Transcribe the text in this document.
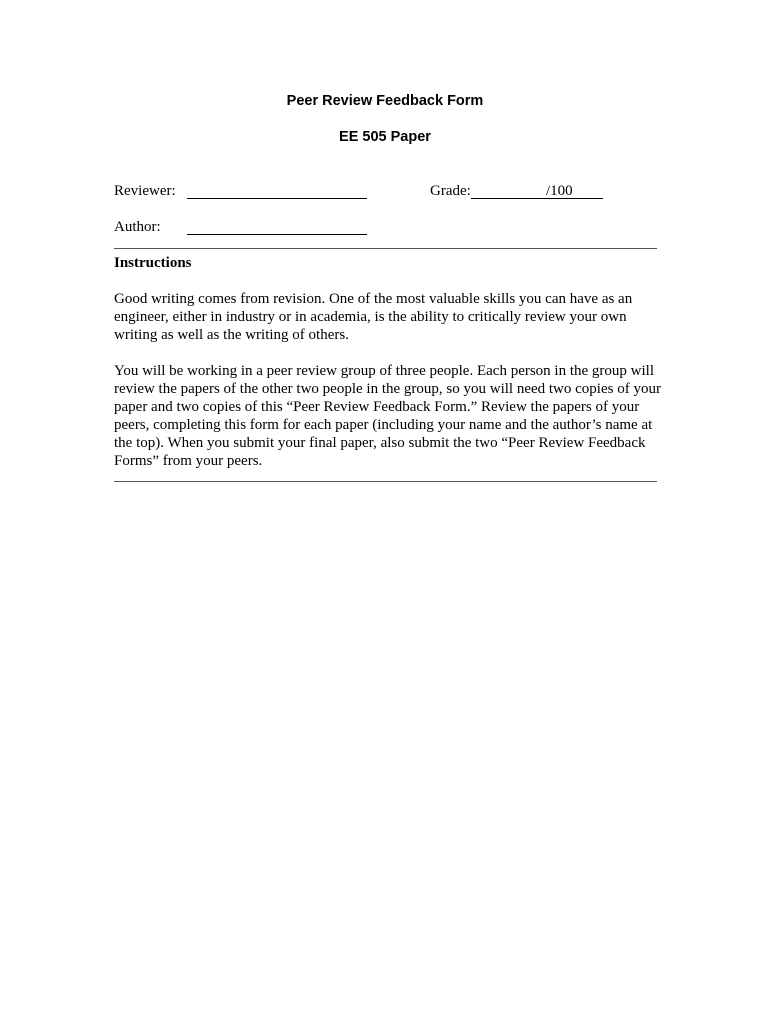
Peer Review Feedback Form
EE 505 Paper
Reviewer:	Grade:	/100
Author:
Instructions

Good writing comes from revision. One of the most valuable skills you can have as an engineer, either in industry or in academia, is the ability to critically review your own writing as well as the writing of others.

You will be working in a peer review group of three people. Each person in the group will review the papers of the other two people in the group, so you will need two copies of your paper and two copies of this “Peer Review Feedback Form.” Review the papers of your peers, completing this form for each paper (including your name and the author’s name at the top). When you submit your final paper, also submit the two “Peer Review Feedback Forms” from your peers.
